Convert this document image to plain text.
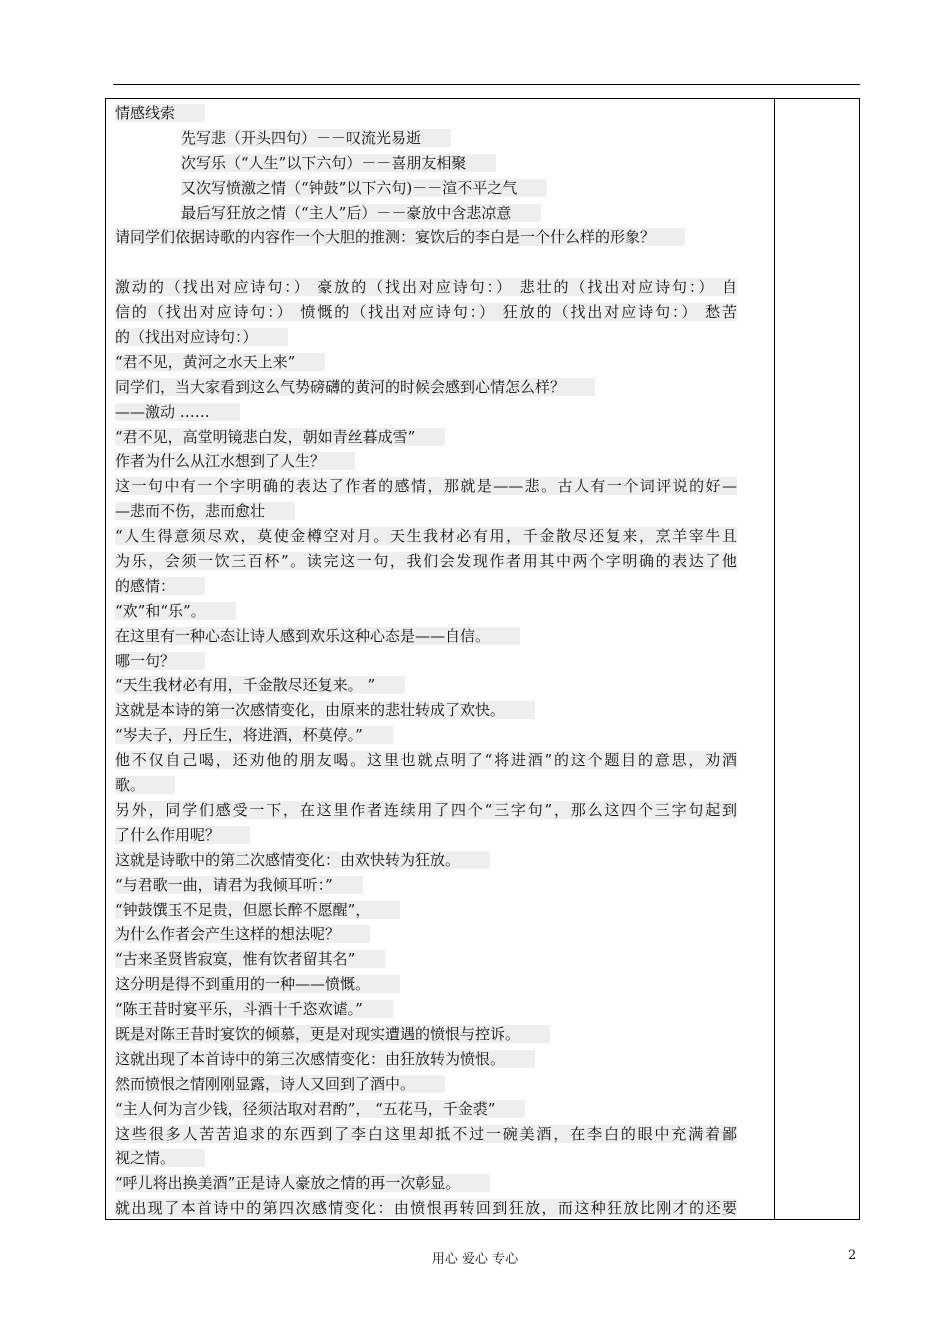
情感线索
先写悲（开头四句）－－叹流光易逝
次写乐（“人生”以下六句）－－喜朋友相聚
又次写愤激之情（“钟鼓”以下六句)－－渲不平之气
最后写狂放之情（“主人”后）－－豪放中含悲凉意
请同学们依据诗歌的内容作一个大胆的推测：宴饮后的李白是一个什么样的形象？
激动的（找出对应诗句：） 豪放的（找出对应诗句：） 悲壮的（找出对应诗句：） 自
信的（找出对应诗句：） 愤慨的（找出对应诗句：） 狂放的（找出对应诗句：） 愁苦
的（找出对应诗句：）
“君不见，黄河之水天上来”
同学们，当大家看到这么气势磅礴的黄河的时候会感到心情怎么样？
——激动 ……
“君不见，高堂明镜悲白发，朝如青丝暮成雪”
作者为什么从江水想到了人生？
这一句中有一个字明确的表达了作者的感情，那就是——悲。古人有一个词评说的好—
—悲而不伤，悲而愈壮
“人生得意须尽欢，莫使金樽空对月。天生我材必有用，千金散尽还复来，烹羊宰牛且
为乐，会须一饮三百杯”。读完这一句，我们会发现作者用其中两个字明确的表达了他
的感情：
“欢”和“乐”。
在这里有一种心态让诗人感到欢乐这种心态是——自信。
哪一句？
“天生我材必有用，千金散尽还复来。 ”
这就是本诗的第一次感情变化，由原来的悲壮转成了欢快。
“岑夫子，丹丘生，将进酒，杯莫停。”
他不仅自己喝，还劝他的朋友喝。这里也就点明了“将进酒”的这个题目的意思，劝酒
歌。
另外，同学们感受一下，在这里作者连续用了四个“三字句”，那么这四个三字句起到
了什么作用呢？
这就是诗歌中的第二次感情变化：由欢快转为狂放。
“与君歌一曲，请君为我倾耳听：”
“钟鼓馔玉不足贵，但愿长醉不愿醒”，
为什么作者会产生这样的想法呢？
“古来圣贤皆寂寞，惟有饮者留其名”
这分明是得不到重用的一种——愤慨。
“陈王昔时宴平乐，斗酒十千恣欢谑。”
既是对陈王昔时宴饮的倾慕，更是对现实遭遇的愤恨与控诉。
这就出现了本首诗中的第三次感情变化：由狂放转为愤恨。
然而愤恨之情刚刚显露，诗人又回到了酒中。
“主人何为言少钱，径须沽取对君酌”， “五花马，千金裘”
这些很多人苦苦追求的东西到了李白这里却抵不过一碗美酒，在李白的眼中充满着鄙
视之情。
“呼儿将出换美酒”正是诗人豪放之情的再一次彰显。
就出现了本首诗中的第四次感情变化：由愤恨再转回到狂放，而这种狂放比刚才的还要
用心 爱心 专心	2
